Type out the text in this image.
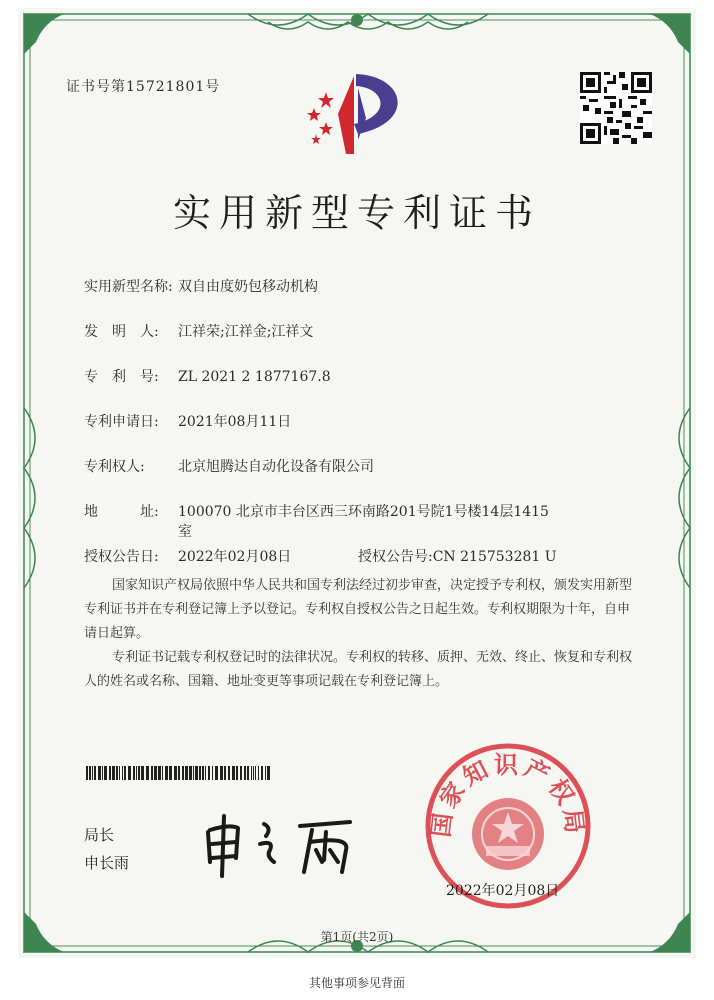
证书号第15721801号
实用新型专利证书
实用新型名称: 双自由度奶包移动机构
发　明　人: 江祥荣;江祥金;江祥文
专　利　号: ZL 2021 2 1877167.8
专利申请日: 2021年08月11日
专利权人: 北京旭腾达自动化设备有限公司
地　　　址: 100070 北京市丰台区西三环南路201号院1号楼14层1415
室
授权公告日: 2022年02月08日	授权公告号:CN 215753281 U

国家知识产权局依照中华人民共和国专利法经过初步审查，决定授予专利权，颁发实用新型专利证书并在专利登记簿上予以登记。专利权自授权公告之日起生效。专利权期限为十年，自申请日起算。

专利证书记载专利权登记时的法律状况。专利权的转移、质押、无效、终止、恢复和专利权人的姓名或名称、国籍、地址变更等事项记载在专利登记簿上。

局长
申长雨
国家知识产权局
2022年02月08日
第1页(共2页)
其他事项参见背面
